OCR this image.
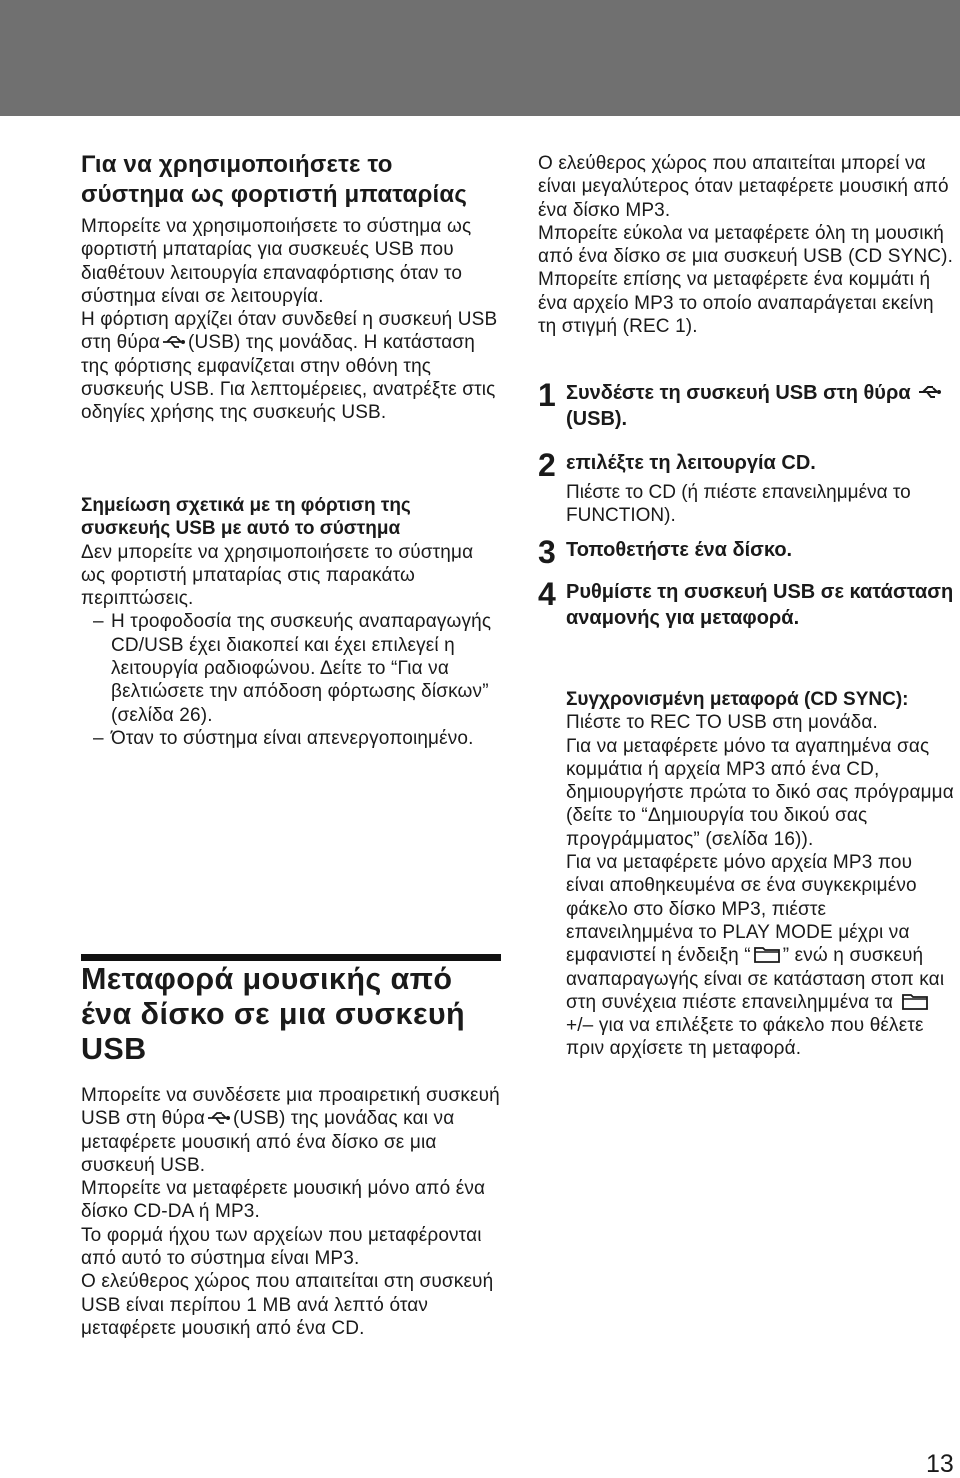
Για να χρησιμοποιήσετε το σύστημα ως φορτιστή μπαταρίας

Μπορείτε να χρησιμοποιήσετε το σύστημα ως φορτιστή μπαταρίας για συσκευές USB που διαθέτουν λειτουργία επαναφόρτισης όταν το σύστημα είναι σε λειτουργία.

Η φόρτιση αρχίζει όταν συνδεθεί η συσκευή USB στη θύρα (USB) της μονάδας. Η κατάσταση της φόρτισης εμφανίζεται στην οθόνη της συσκευής USB. Για λεπτομέρειες, ανατρέξτε στις οδηγίες χρήσης της συσκευής USB.

Σημείωση σχετικά με τη φόρτιση της συσκευής USB με αυτό το σύστημα
Δεν μπορείτε να χρησιμοποιήσετε το σύστημα ως φορτιστή μπαταρίας στις παρακάτω περιπτώσεις.
– Η τροφοδοσία της συσκευής αναπαραγωγής CD/USB έχει διακοπεί και έχει επιλεγεί η λειτουργία ραδιοφώνου. Δείτε το “Για να βελτιώσετε την απόδοση φόρτωσης δίσκων” (σελίδα 26).
– Όταν το σύστημα είναι απενεργοποιημένο.
Μεταφορά μουσικής από ένα δίσκο σε μια συσκευή USB

Μπορείτε να συνδέσετε μια προαιρετική συσκευή USB στη θύρα (USB) της μονάδας και να μεταφέρετε μουσική από ένα δίσκο σε μια συσκευή USB.

Μπορείτε να μεταφέρετε μουσική μόνο από ένα δίσκο CD-DA ή MP3.

Το φορμά ήχου των αρχείων που μεταφέρονται από αυτό το σύστημα είναι MP3.

Ο ελεύθερος χώρος που απαιτείται στη συσκευή USB είναι περίπου 1 MB ανά λεπτό όταν μεταφέρετε μουσική από ένα CD.

Ο ελεύθερος χώρος που απαιτείται μπορεί να είναι μεγαλύτερος όταν μεταφέρετε μουσική από ένα δίσκο MP3.

Μπορείτε εύκολα να μεταφέρετε όλη τη μουσική από ένα δίσκο σε μια συσκευή USB (CD SYNC). Μπορείτε επίσης να μεταφέρετε ένα κομμάτι ή ένα αρχείο MP3 το οποίο αναπαράγεται εκείνη τη στιγμή (REC 1).

1 Συνδέστε τη συσκευή USB στη θύρα  (USB).
2 επιλέξτε τη λειτουργία CD.
Πιέστε το CD (ή πιέστε επανειλημμένα το FUNCTION).
3 Τοποθετήστε ένα δίσκο.
4 Ρυθμίστε τη συσκευή USB σε κατάσταση αναμονής για μεταφορά.
Συγχρονισμένη μεταφορά (CD SYNC):
Πιέστε το REC TO USB στη μονάδα.
Για να μεταφέρετε μόνο τα αγαπημένα σας κομμάτια ή αρχεία MP3 από ένα CD, δημιουργήστε πρώτα το δικό σας πρόγραμμα (δείτε το “Δημιουργία του δικού σας προγράμματος” (σελίδα 16)).
Για να μεταφέρετε μόνο αρχεία MP3 που είναι αποθηκευμένα σε ένα συγκεκριμένο φάκελο στο δίσκο MP3, πιέστε επανειλημμένα το PLAY MODE μέχρι να εμφανιστεί η ένδειξη “ ” ενώ η συσκευή αναπαραγωγής είναι σε κατάσταση στοπ και στη συνέχεια πιέστε επανειλημμένα τα +/– για να επιλέξετε το φάκελο που θέλετε πριν αρχίσετε τη μεταφορά.
13
